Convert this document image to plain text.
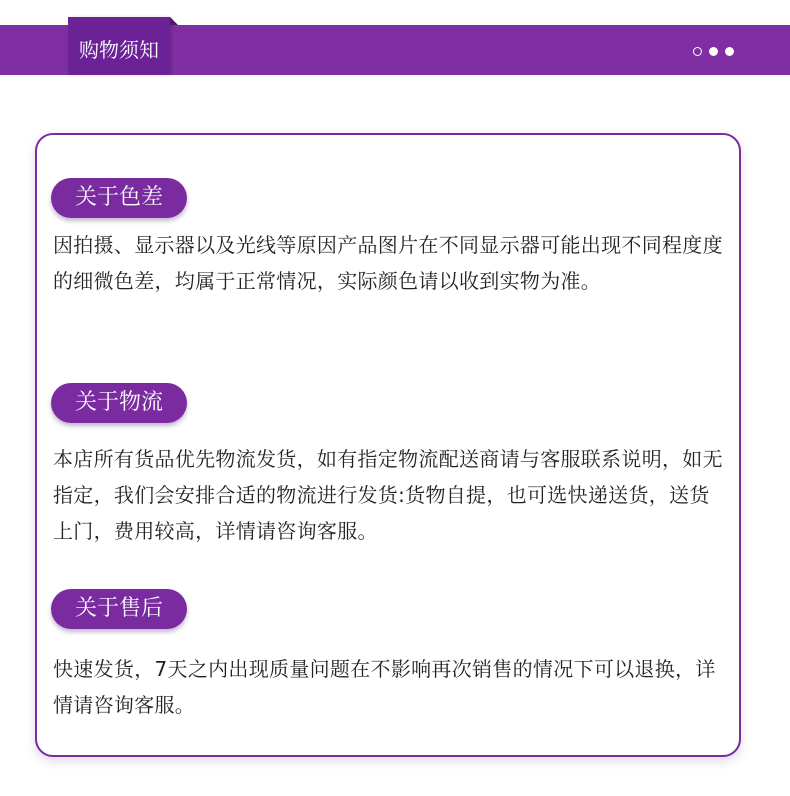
购物须知
关于色差
因拍摄、显示器以及光线等原因产品图片在不同显示器可能出现不同程度度的细微色差，均属于正常情况，实际颜色请以收到实物为准。
关于物流
本店所有货品优先物流发货，如有指定物流配送商请与客服联系说明，如无指定，我们会安排合适的物流进行发货:货物自提，也可选快递送货，送货上门，费用较高，详情请咨询客服。
关于售后
快速发货，7天之内出现质量问题在不影响再次销售的情况下可以退换，详情请咨询客服。
